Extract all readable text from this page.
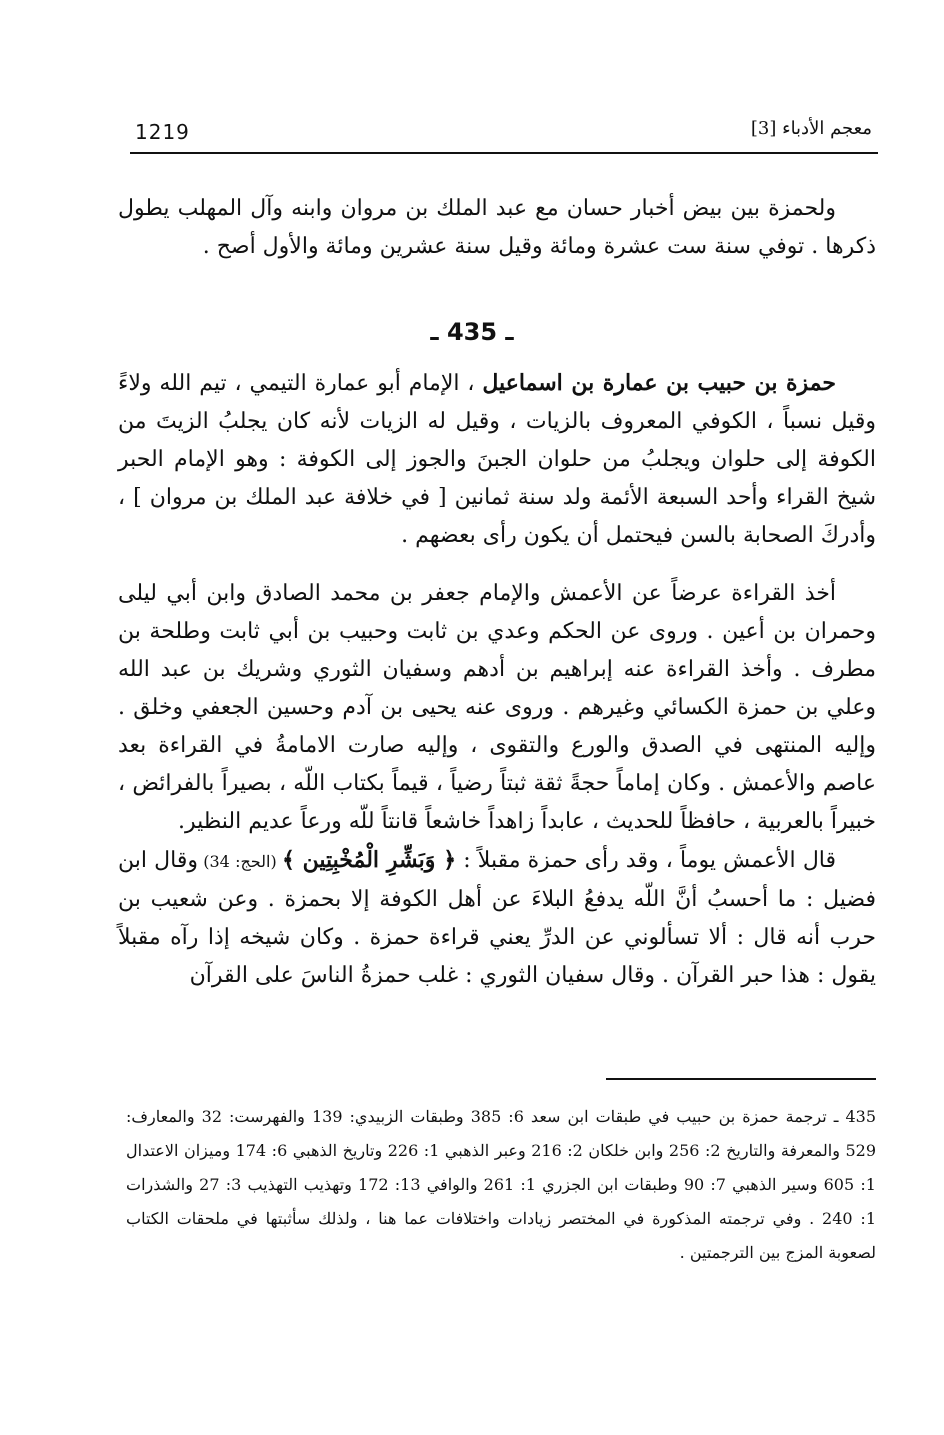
1219	معجم الأدباء [3]

ولحمزة بين بيض أخبار حسان مع عبد الملك بن مروان وابنه وآل المهلب يطول ذكرها . توفي سنة ست عشرة ومائة وقيل سنة عشرين ومائة والأول أصح .

ـ 435 ـ

حمزة بن حبيب بن عمارة بن اسماعيل ، الإمام أبو عمارة التيمي ، تيم الله ولاءً وقيل نسباً ، الكوفي المعروف بالزيات ، وقيل له الزيات لأنه كان يجلبُ الزيتَ من الكوفة إلى حلوان ويجلبُ من حلوان الجبنَ والجوز إلى الكوفة : وهو الإمام الحبر شيخ القراء وأحد السبعة الأئمة ولد سنة ثمانين [ في خلافة عبد الملك بن مروان ] ، وأدركَ الصحابة بالسن فيحتمل أن يكون رأى بعضهم .

أخذ القراءة عرضاً عن الأعمش والإمام جعفر بن محمد الصادق وابن أبي ليلى وحمران بن أعين . وروى عن الحكم وعدي بن ثابت وحبيب بن أبي ثابت وطلحة بن مطرف . وأخذ القراءة عنه إبراهيم بن أدهم وسفيان الثوري وشريك بن عبد الله وعلي بن حمزة الكسائي وغيرهم . وروى عنه يحيى بن آدم وحسين الجعفي وخلق . وإليه المنتهى في الصدق والورع والتقوى ، وإليه صارت الامامةُ في القراءة بعد عاصم والأعمش . وكان إماماً حجةً ثقة ثبتاً رضياً ، قيماً بكتاب اللّه ، بصيراً بالفرائض ، خبيراً بالعربية ، حافظاً للحديث ، عابداً زاهداً خاشعاً قانتاً للّه ورعاً عديم النظير.

قال الأعمش يوماً ، وقد رأى حمزة مقبلاً : ﴿ وَبَشِّرِ الْمُخْبِتِين ﴾ (الحج: 34) وقال ابن فضيل : ما أحسبُ أنَّ اللّه يدفعُ البلاءَ عن أهل الكوفة إلا بحمزة . وعن شعيب بن حرب أنه قال : ألا تسألوني عن الدرِّ يعني قراءة حمزة . وكان شيخه إذا رآه مقبلاً يقول : هذا حبر القرآن . وقال سفيان الثوري : غلب حمزةُ الناسَ على القرآن

435 ـ ترجمة حمزة بن حبيب في طبقات ابن سعد 6: 385 وطبقات الزبيدي: 139 والفهرست: 32 والمعارف: 529 والمعرفة والتاريخ 2: 256 وابن خلكان 2: 216 وعبر الذهبي 1: 226 وتاريخ الذهبي 6: 174 وميزان الاعتدال 1: 605 وسير الذهبي 7: 90 وطبقات ابن الجزري 1: 261 والوافي 13: 172 وتهذيب التهذيب 3: 27 والشذرات 1: 240 . وفي ترجمته المذكورة في المختصر زيادات واختلافات عما هنا ، ولذلك سأثبتها في ملحقات الكتاب لصعوبة المزج بين الترجمتين .
